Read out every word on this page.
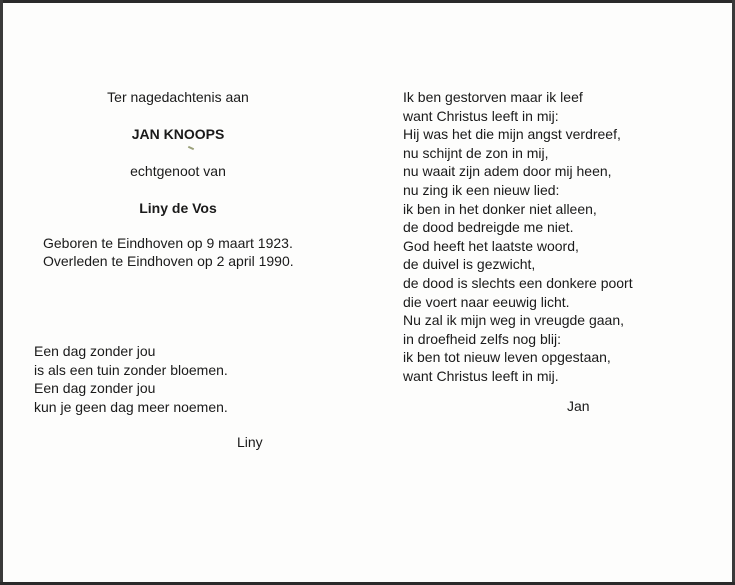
Ter nagedachtenis aan
JAN KNOOPS
echtgenoot van
Liny de Vos
Geboren te Eindhoven op 9 maart 1923.
Overleden te Eindhoven op 2 april 1990.
Een dag zonder jou
is als een tuin zonder bloemen.
Een dag zonder jou
kun je geen dag meer noemen.
Liny
Ik ben gestorven maar ik leef
want Christus leeft in mij:
Hij was het die mijn angst verdreef,
nu schijnt de zon in mij,
nu waait zijn adem door mij heen,
nu zing ik een nieuw lied:
ik ben in het donker niet alleen,
de dood bedreigde me niet.
God heeft het laatste woord,
de duivel is gezwicht,
de dood is slechts een donkere poort
die voert naar eeuwig licht.
Nu zal ik mijn weg in vreugde gaan,
in droefheid zelfs nog blij:
ik ben tot nieuw leven opgestaan,
want Christus leeft in mij.
Jan
